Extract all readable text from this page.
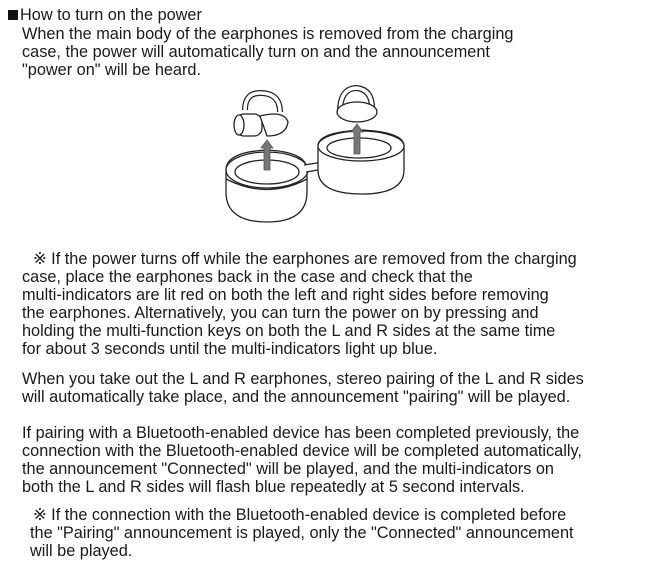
How to turn on the power
When the main body of the earphones is removed from the charging
case, the power will automatically turn on and the announcement
"power on" will be heard.
※ If the power turns off while the earphones are removed from the charging
case, place the earphones back in the case and check that the
multi-indicators are lit red on both the left and right sides before removing
the earphones. Alternatively, you can turn the power on by pressing and
holding the multi-function keys on both the L and R sides at the same time
for about 3 seconds until the multi-indicators light up blue.
When you take out the L and R earphones, stereo pairing of the L and R sides
will automatically take place, and the announcement "pairing" will be played.
If pairing with a Bluetooth-enabled device has been completed previously, the
connection with the Bluetooth-enabled device will be completed automatically,
the announcement "Connected" will be played, and the multi-indicators on
both the L and R sides will flash blue repeatedly at 5 second intervals.
※ If the connection with the Bluetooth-enabled device is completed before
the "Pairing" announcement is played, only the "Connected" announcement
will be played.
